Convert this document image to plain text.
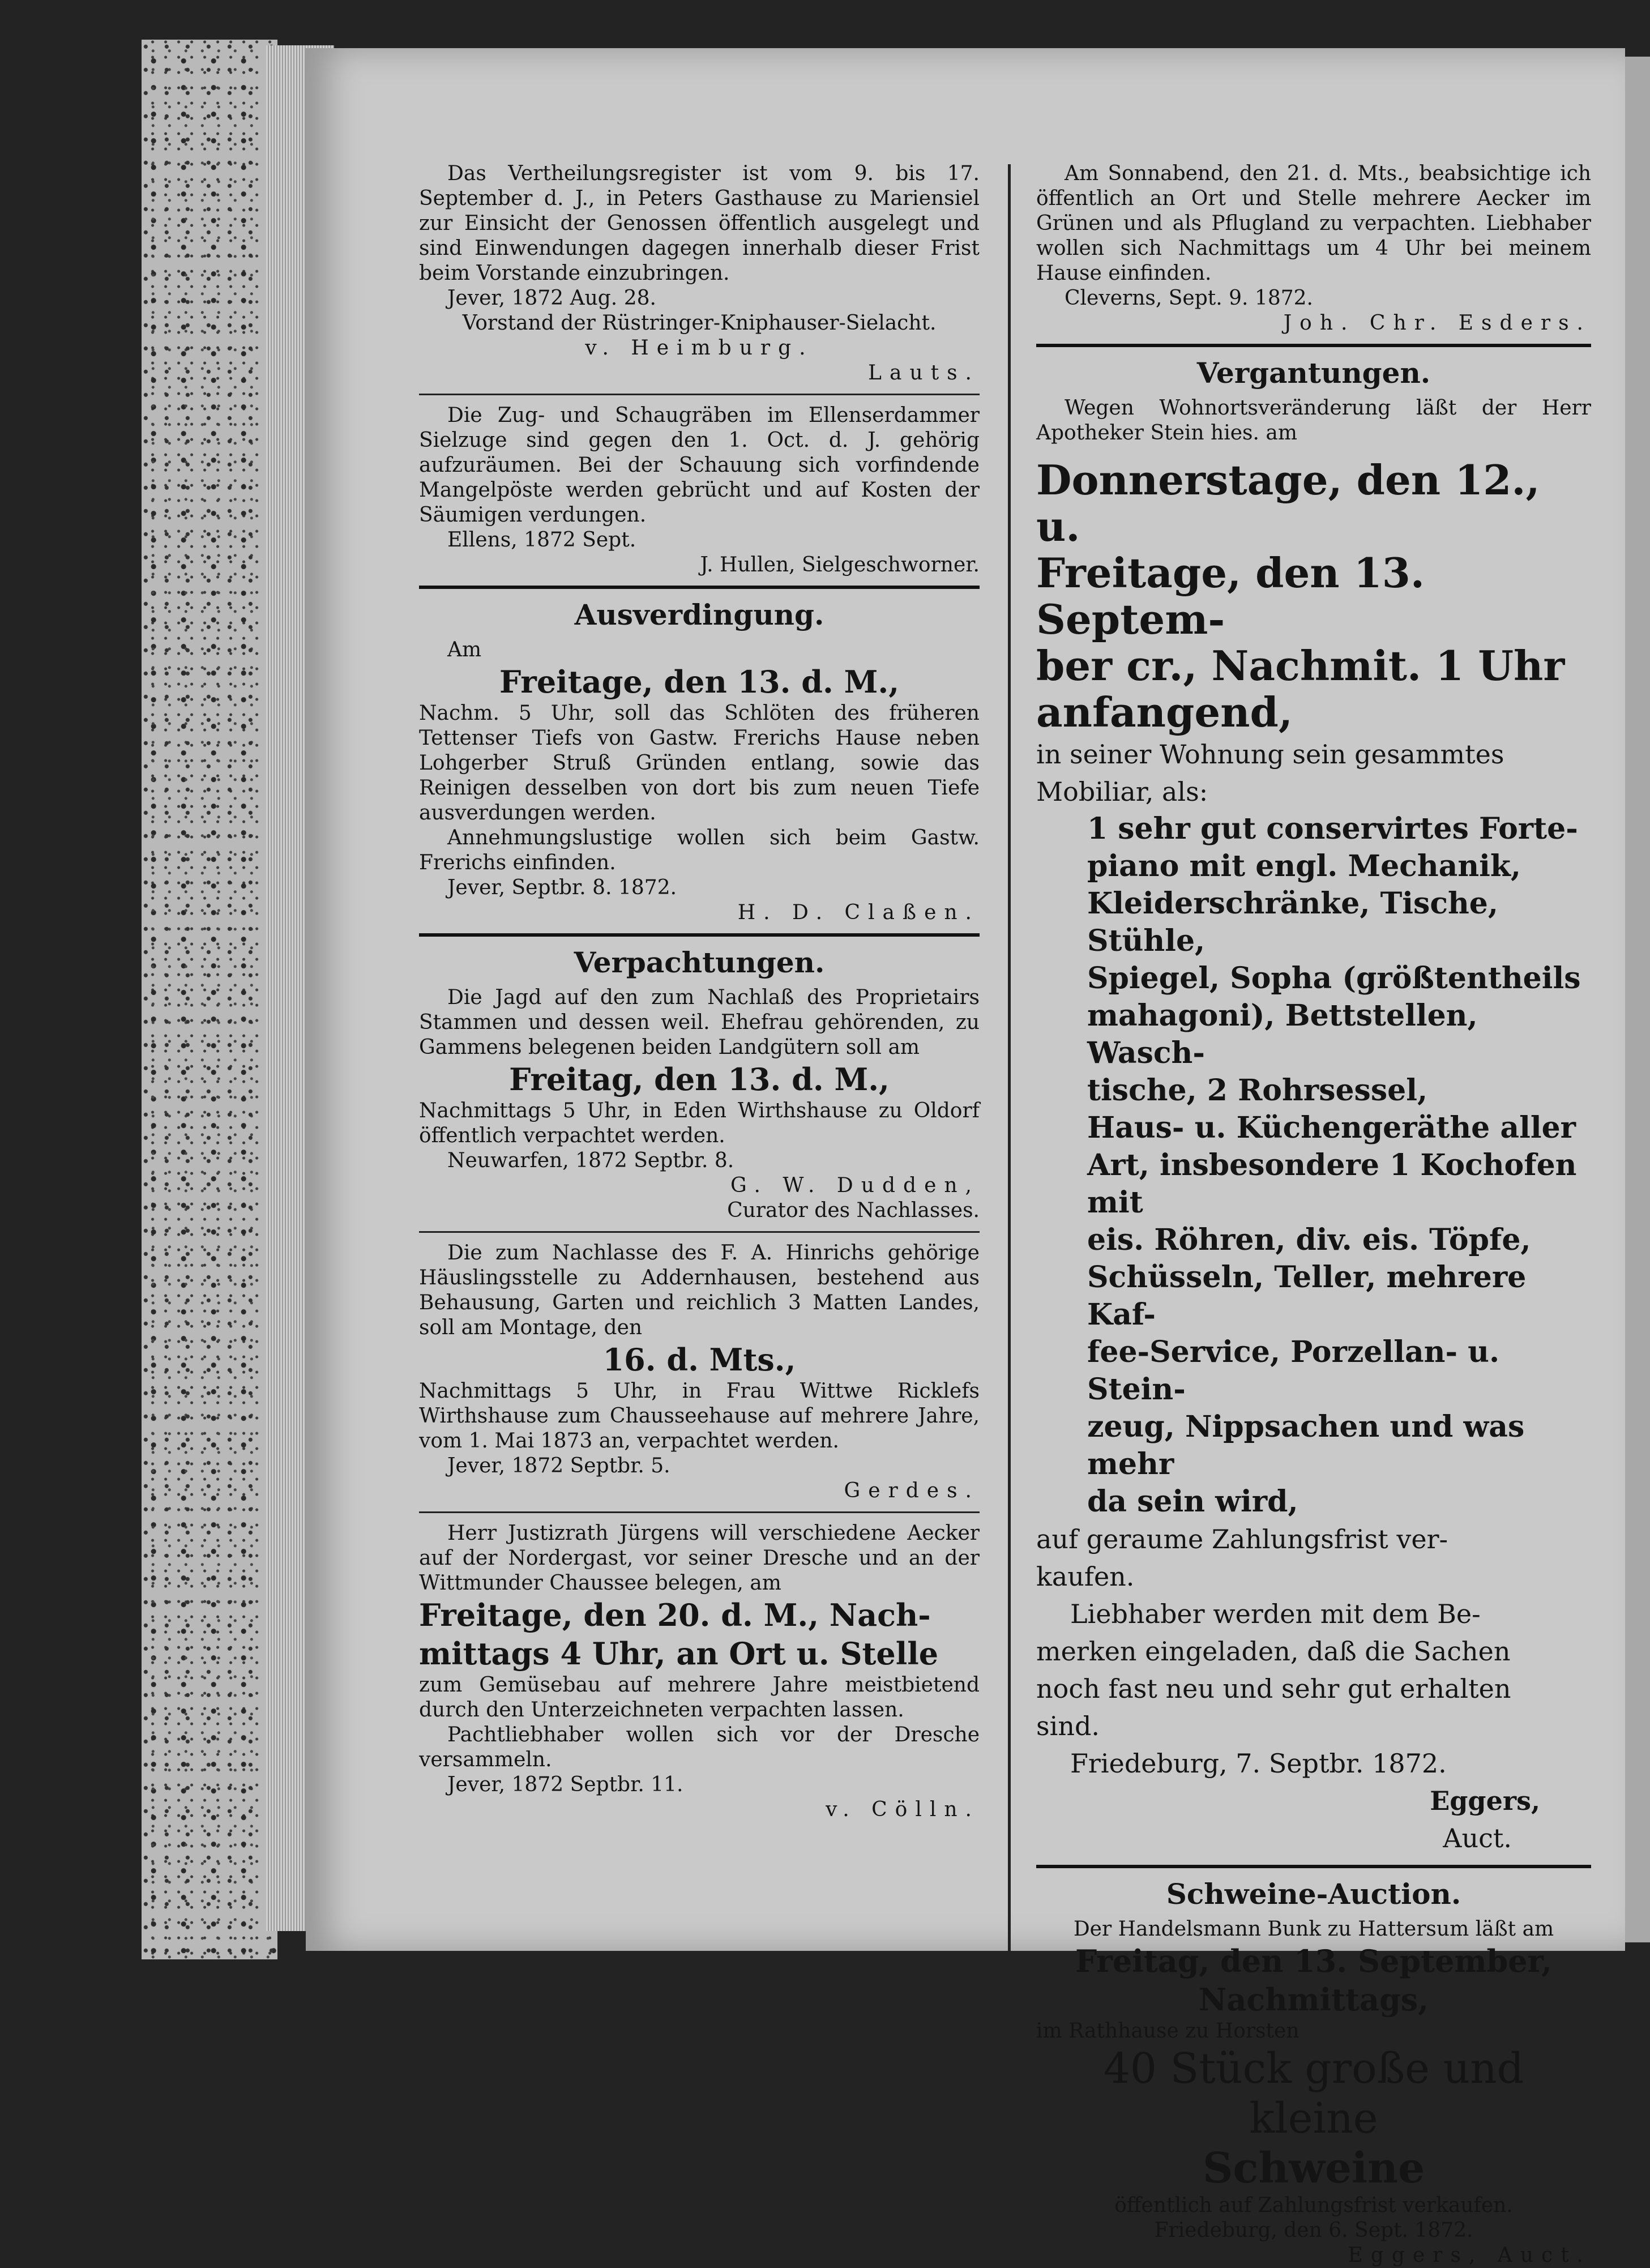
Das Vertheilungsregister ist vom 9. bis 17. September d. J., in Peters Gasthause zu Mariensiel zur Einsicht der Genossen öffentlich ausgelegt und sind Einwendungen dagegen innerhalb dieser Frist beim Vorstande einzubringen.

Jever, 1872 Aug. 28.

Vorstand der Rüstringer-Kniphauser-Sielacht.

v. Heimburg.

Lauts.

Die Zug- und Schaugräben im Ellenserdammer Sielzuge sind gegen den 1. Oct. d. J. gehörig aufzuräumen. Bei der Schauung sich vorfindende Mangelpöste werden gebrücht und auf Kosten der Säumigen verdungen.

Ellens, 1872 Sept.

J. Hullen, Sielgeschworner.

Ausverdingung.

Am

Freitage, den 13. d. M.,

Nachm. 5 Uhr, soll das Schlöten des früheren Tettenser Tiefs von Gastw. Frerichs Hause neben Lohgerber Struß Gründen entlang, sowie das Reinigen desselben von dort bis zum neuen Tiefe ausverdungen werden.

Annehmungslustige wollen sich beim Gastw. Frerichs einfinden.

Jever, Septbr. 8. 1872.

H. D. Claßen.

Verpachtungen.

Die Jagd auf den zum Nachlaß des Proprietairs Stammen und dessen weil. Ehefrau gehörenden, zu Gammens belegenen beiden Landgütern soll am

Freitag, den 13. d. M.,

Nachmittags 5 Uhr, in Eden Wirthshause zu Oldorf öffentlich verpachtet werden.

Neuwarfen, 1872 Septbr. 8.

G. W. Dudden,

Curator des Nachlasses.

Die zum Nachlasse des F. A. Hinrichs gehörige Häuslingsstelle zu Addernhausen, bestehend aus Behausung, Garten und reichlich 3 Matten Landes, soll am Montage, den

16. d. Mts.,

Nachmittags 5 Uhr, in Frau Wittwe Ricklefs Wirthshause zum Chausseehause auf mehrere Jahre, vom 1. Mai 1873 an, verpachtet werden.

Jever, 1872 Septbr. 5.

Gerdes.

Herr Justizrath Jürgens will verschiedene Aecker auf der Nordergast, vor seiner Dresche und an der Wittmunder Chaussee belegen, am

Freitage, den 20. d. M., Nach-

mittags 4 Uhr, an Ort u. Stelle

zum Gemüsebau auf mehrere Jahre meistbietend durch den Unterzeichneten verpachten lassen.

Pachtliebhaber wollen sich vor der Dresche versammeln.

Jever, 1872 Septbr. 11.

v. Cölln.

Am Sonnabend, den 21. d. Mts., beabsichtige ich öffentlich an Ort und Stelle mehrere Aecker im Grünen und als Pflugland zu verpachten. Liebhaber wollen sich Nachmittags um 4 Uhr bei meinem Hause einfinden.

Cleverns, Sept. 9. 1872.

Joh. Chr. Esders.

Vergantungen.

Wegen Wohnortsveränderung läßt der Herr Apotheker Stein hies. am

Donnerstage, den 12., u.

Freitage, den 13. Septem-

ber cr., Nachmit. 1 Uhr

anfangend,

in seiner Wohnung sein gesammtes

Mobiliar, als:

1 sehr gut conservirtes Forte-

piano mit engl. Mechanik,

Kleiderschränke, Tische, Stühle,

Spiegel, Sopha (größtentheils

mahagoni), Bettstellen, Wasch-

tische, 2 Rohrsessel,

Haus- u. Küchengeräthe aller

Art, insbesondere 1 Kochofen mit

eis. Röhren, div. eis. Töpfe,

Schüsseln, Teller, mehrere Kaf-

fee-Service, Porzellan- u. Stein-

zeug, Nippsachen und was mehr

da sein wird,

auf geraume Zahlungsfrist ver-

kaufen.

Liebhaber werden mit dem Be-

merken eingeladen, daß die Sachen

noch fast neu und sehr gut erhalten

sind.

Friedeburg, 7. Septbr. 1872.

Eggers,

Auct.

Schweine-Auction.

Der Handelsmann Bunk zu Hattersum läßt am

Freitag, den 13. September,

Nachmittags,

im Rathhause zu Horsten

40 Stück große und kleine

Schweine

öffentlich auf Zahlungsfrist verkaufen.

Friedeburg, den 6. Sept. 1872.

Eggers, Auct.
